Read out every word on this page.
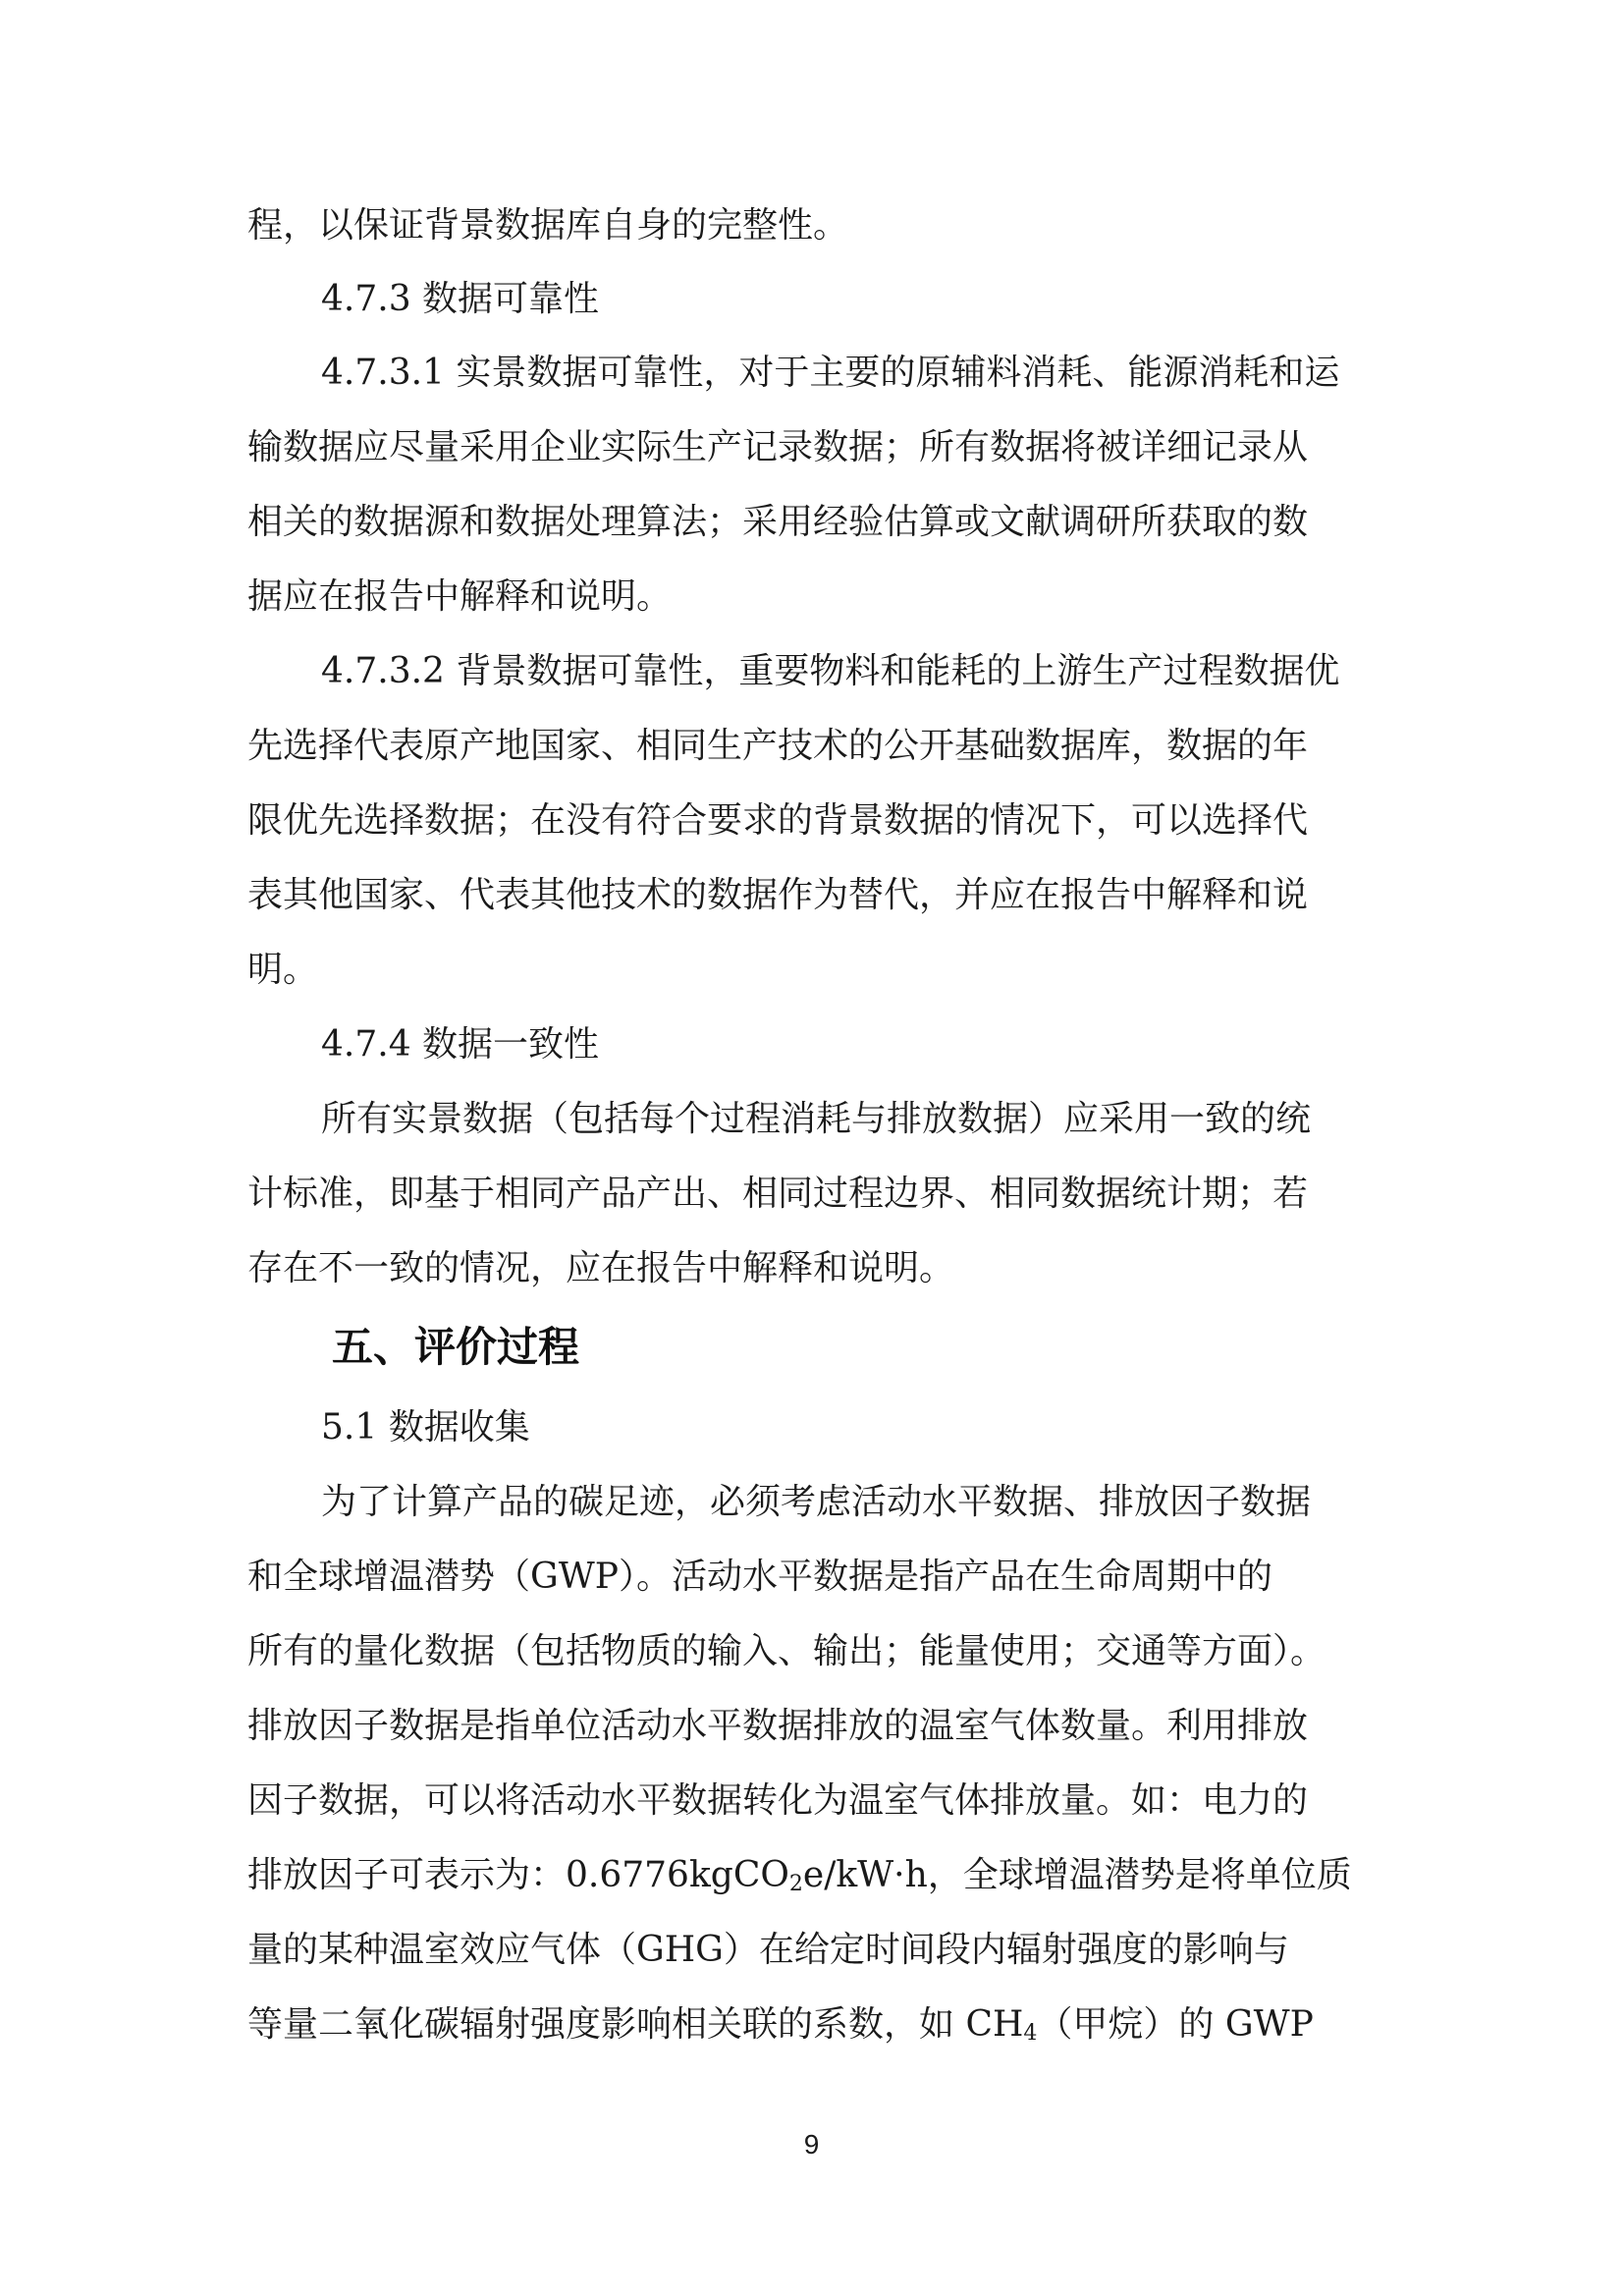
程，以保证背景数据库自身的完整性。
4.7.3 数据可靠性
4.7.3.1 实景数据可靠性，对于主要的原辅料消耗、能源消耗和运
输数据应尽量采用企业实际生产记录数据；所有数据将被详细记录从
相关的数据源和数据处理算法；采用经验估算或文献调研所获取的数
据应在报告中解释和说明。
4.7.3.2 背景数据可靠性，重要物料和能耗的上游生产过程数据优
先选择代表原产地国家、相同生产技术的公开基础数据库，数据的年
限优先选择数据；在没有符合要求的背景数据的情况下，可以选择代
表其他国家、代表其他技术的数据作为替代，并应在报告中解释和说
明。
4.7.4 数据一致性
所有实景数据（包括每个过程消耗与排放数据）应采用一致的统
计标准，即基于相同产品产出、相同过程边界、相同数据统计期；若
存在不一致的情况，应在报告中解释和说明。
五、评价过程
5.1 数据收集
为了计算产品的碳足迹，必须考虑活动水平数据、排放因子数据
和全球增温潜势（GWP）。活动水平数据是指产品在生命周期中的
所有的量化数据（包括物质的输入、输出；能量使用；交通等方面）。
排放因子数据是指单位活动水平数据排放的温室气体数量。利用排放
因子数据，可以将活动水平数据转化为温室气体排放量。如：电力的
排放因子可表示为：0.6776kgCO$_2$e/kW·h，全球增温潜势是将单位质
量的某种温室效应气体（GHG）在给定时间段内辐射强度的影响与
等量二氧化碳辐射强度影响相关联的系数，如 $CH_4$（甲烷）的 GWP
9
